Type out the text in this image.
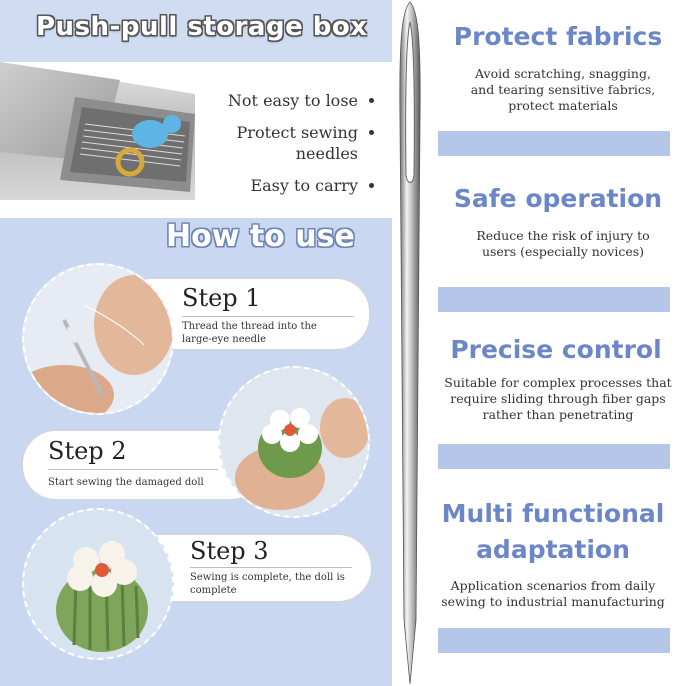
Push-pull storage box
Not easy to lose
Protect sewing needles
Easy to carry
How to use
Step 1
Thread the thread into the large-eye needle
Step 2
Start sewing the damaged doll
Step 3
Sewing is complete, the doll is complete
Protect fabrics
Avoid scratching, snagging, and tearing sensitive fabrics, protect materials
Safe operation
Reduce the risk of injury to users (especially novices)
Precise control
Suitable for complex processes that require sliding through fiber gaps rather than penetrating
Multi functional adaptation
Application scenarios from daily sewing to industrial manufacturing
